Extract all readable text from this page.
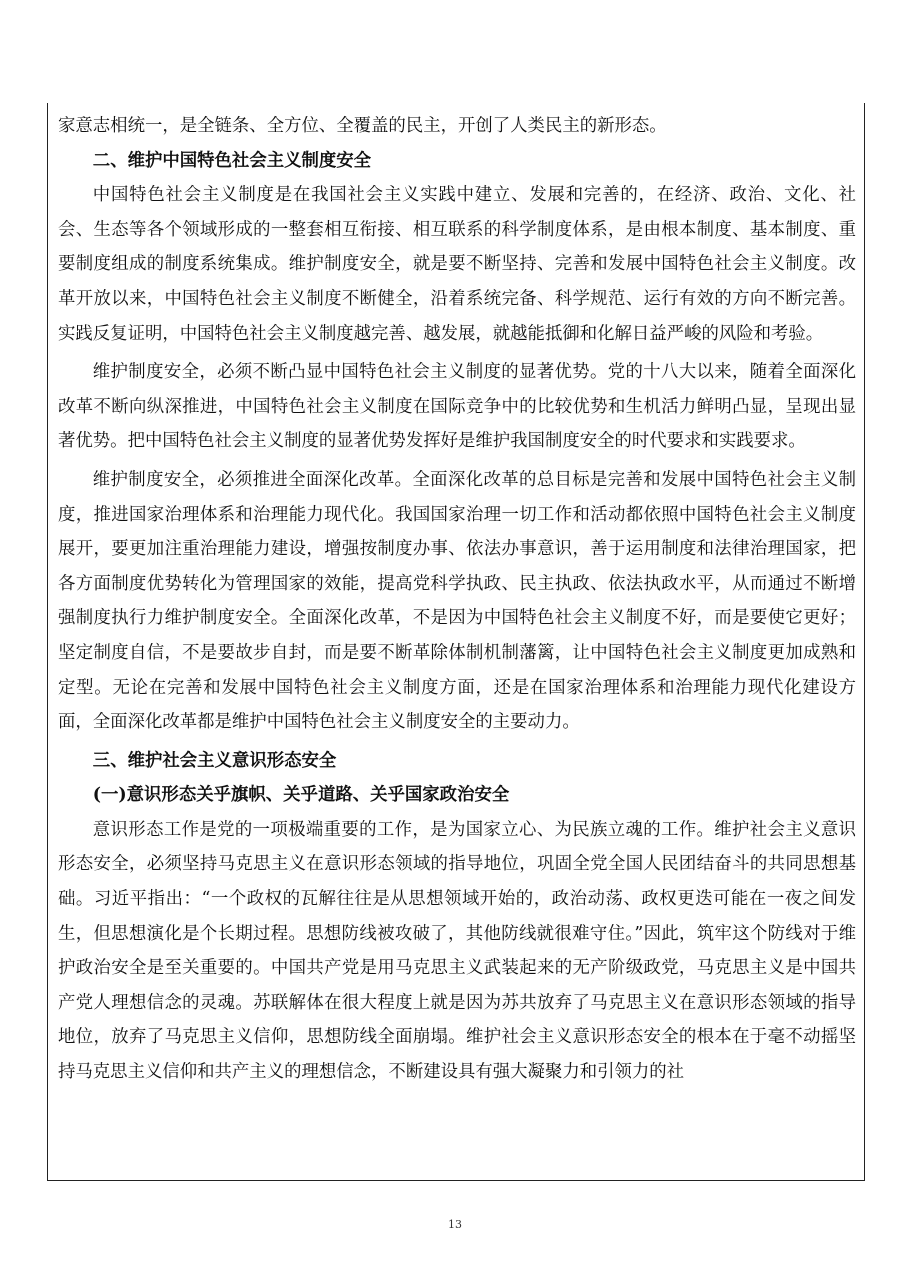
家意志相统一，是全链条、全方位、全覆盖的民主，开创了人类民主的新形态。

二、维护中国特色社会主义制度安全

中国特色社会主义制度是在我国社会主义实践中建立、发展和完善的，在经济、政治、文化、社会、生态等各个领域形成的一整套相互衔接、相互联系的科学制度体系，是由根本制度、基本制度、重要制度组成的制度系统集成。维护制度安全，就是要不断坚持、完善和发展中国特色社会主义制度。改革开放以来，中国特色社会主义制度不断健全，沿着系统完备、科学规范、运行有效的方向不断完善。实践反复证明，中国特色社会主义制度越完善、越发展，就越能抵御和化解日益严峻的风险和考验。

维护制度安全，必须不断凸显中国特色社会主义制度的显著优势。党的十八大以来，随着全面深化改革不断向纵深推进，中国特色社会主义制度在国际竞争中的比较优势和生机活力鲜明凸显，呈现出显著优势。把中国特色社会主义制度的显著优势发挥好是维护我国制度安全的时代要求和实践要求。

维护制度安全，必须推进全面深化改革。全面深化改革的总目标是完善和发展中国特色社会主义制度，推进国家治理体系和治理能力现代化。我国国家治理一切工作和活动都依照中国特色社会主义制度展开，要更加注重治理能力建设，增强按制度办事、依法办事意识，善于运用制度和法律治理国家，把各方面制度优势转化为管理国家的效能，提高党科学执政、民主执政、依法执政水平，从而通过不断增强制度执行力维护制度安全。全面深化改革，不是因为中国特色社会主义制度不好，而是要使它更好；坚定制度自信，不是要故步自封，而是要不断革除体制机制藩篱，让中国特色社会主义制度更加成熟和定型。无论在完善和发展中国特色社会主义制度方面，还是在国家治理体系和治理能力现代化建设方面，全面深化改革都是维护中国特色社会主义制度安全的主要动力。

三、维护社会主义意识形态安全

(一)意识形态关乎旗帜、关乎道路、关乎国家政治安全

意识形态工作是党的一项极端重要的工作，是为国家立心、为民族立魂的工作。维护社会主义意识形态安全，必须坚持马克思主义在意识形态领域的指导地位，巩固全党全国人民团结奋斗的共同思想基础。习近平指出：“一个政权的瓦解往往是从思想领域开始的，政治动荡、政权更迭可能在一夜之间发生，但思想演化是个长期过程。思想防线被攻破了，其他防线就很难守住。”因此，筑牢这个防线对于维护政治安全是至关重要的。中国共产党是用马克思主义武装起来的无产阶级政党，马克思主义是中国共产党人理想信念的灵魂。苏联解体在很大程度上就是因为苏共放弃了马克思主义在意识形态领域的指导地位，放弃了马克思主义信仰，思想防线全面崩塌。维护社会主义意识形态安全的根本在于毫不动摇坚持马克思主义信仰和共产主义的理想信念，不断建设具有强大凝聚力和引领力的社

13
